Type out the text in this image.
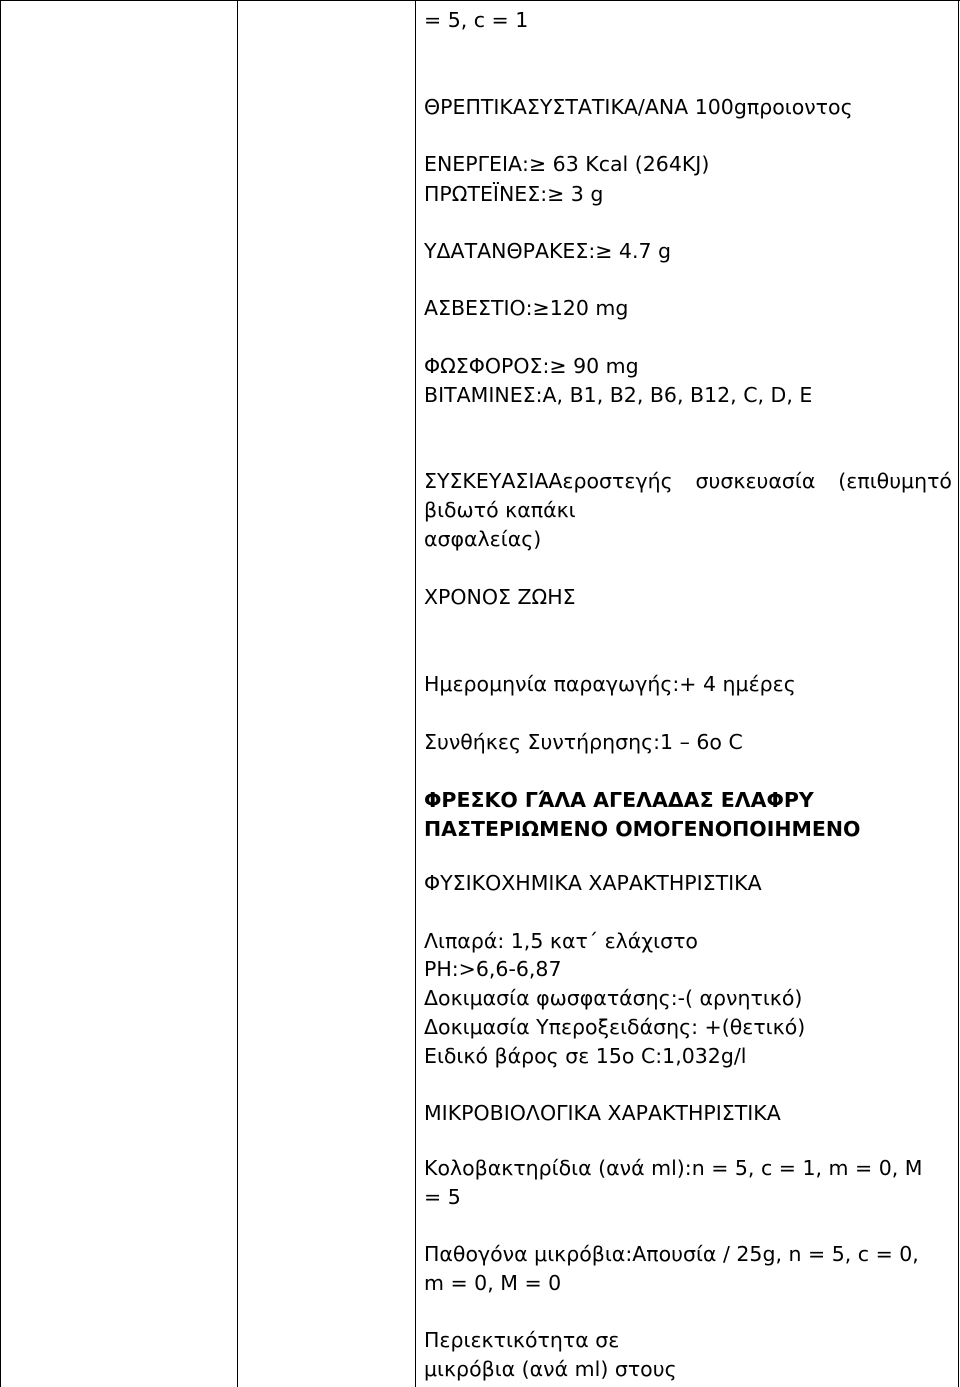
= 5, c = 1
ΘΡΕΠΤΙΚΑΣΥΣΤΑΤΙΚΑ/ΑΝΑ 100gπροιοντος
ΕΝΕΡΓΕΙΑ:≥ 63 Kcal (264KJ)
ΠΡΩΤΕΪΝΕΣ:≥ 3 g
ΥΔΑΤΑΝΘΡΑΚΕΣ:≥ 4.7 g
ΑΣΒΕΣΤΙΟ:≥120 mg
ΦΩΣΦΟΡΟΣ:≥ 90 mg
ΒΙΤΑΜΙΝΕΣ:A, B1, B2, B6, B12, C, D, E
ΣΥΣΚΕΥΑΣΙΑΑεροστεγής συσκευασία (επιθυμητό
βιδωτό καπάκι
ασφαλείας)
ΧΡΟΝΟΣ ΖΩΗΣ
Ημερομηνία παραγωγής:+ 4 ημέρες
Συνθήκες Συντήρησης:1 – 6ο C
ΦΡΕΣΚΟ ΓΆΛΑ ΑΓΕΛΑΔΑΣ ΕΛΑΦΡΥ
ΠΑΣΤΕΡΙΩΜΕΝΟ ΟΜΟΓΕΝΟΠΟΙΗΜΕΝΟ
ΦΥΣΙΚΟΧΗΜΙΚΑ ΧΑΡΑΚΤΗΡΙΣΤΙΚΑ
Λιπαρά: 1,5 κατ΄ ελάχιστο
PH:>6,6-6,87
Δοκιμασία φωσφατάσης:-( αρνητικό)
Δοκιμασία Υπεροξειδάσης: +(θετικό)
Ειδικό βάρος σε 15ο C:1,032g/l
ΜΙΚΡΟΒΙΟΛΟΓΙΚΑ ΧΑΡΑΚΤΗΡΙΣΤΙΚΑ
Κολοβακτηρίδια (ανά ml):n = 5, c = 1, m = 0, M
= 5
Παθογόνα μικρόβια:Απουσία / 25g, n = 5, c = 0,
m = 0, M = 0
Περιεκτικότητα σε
μικρόβια (ανά ml) στους
